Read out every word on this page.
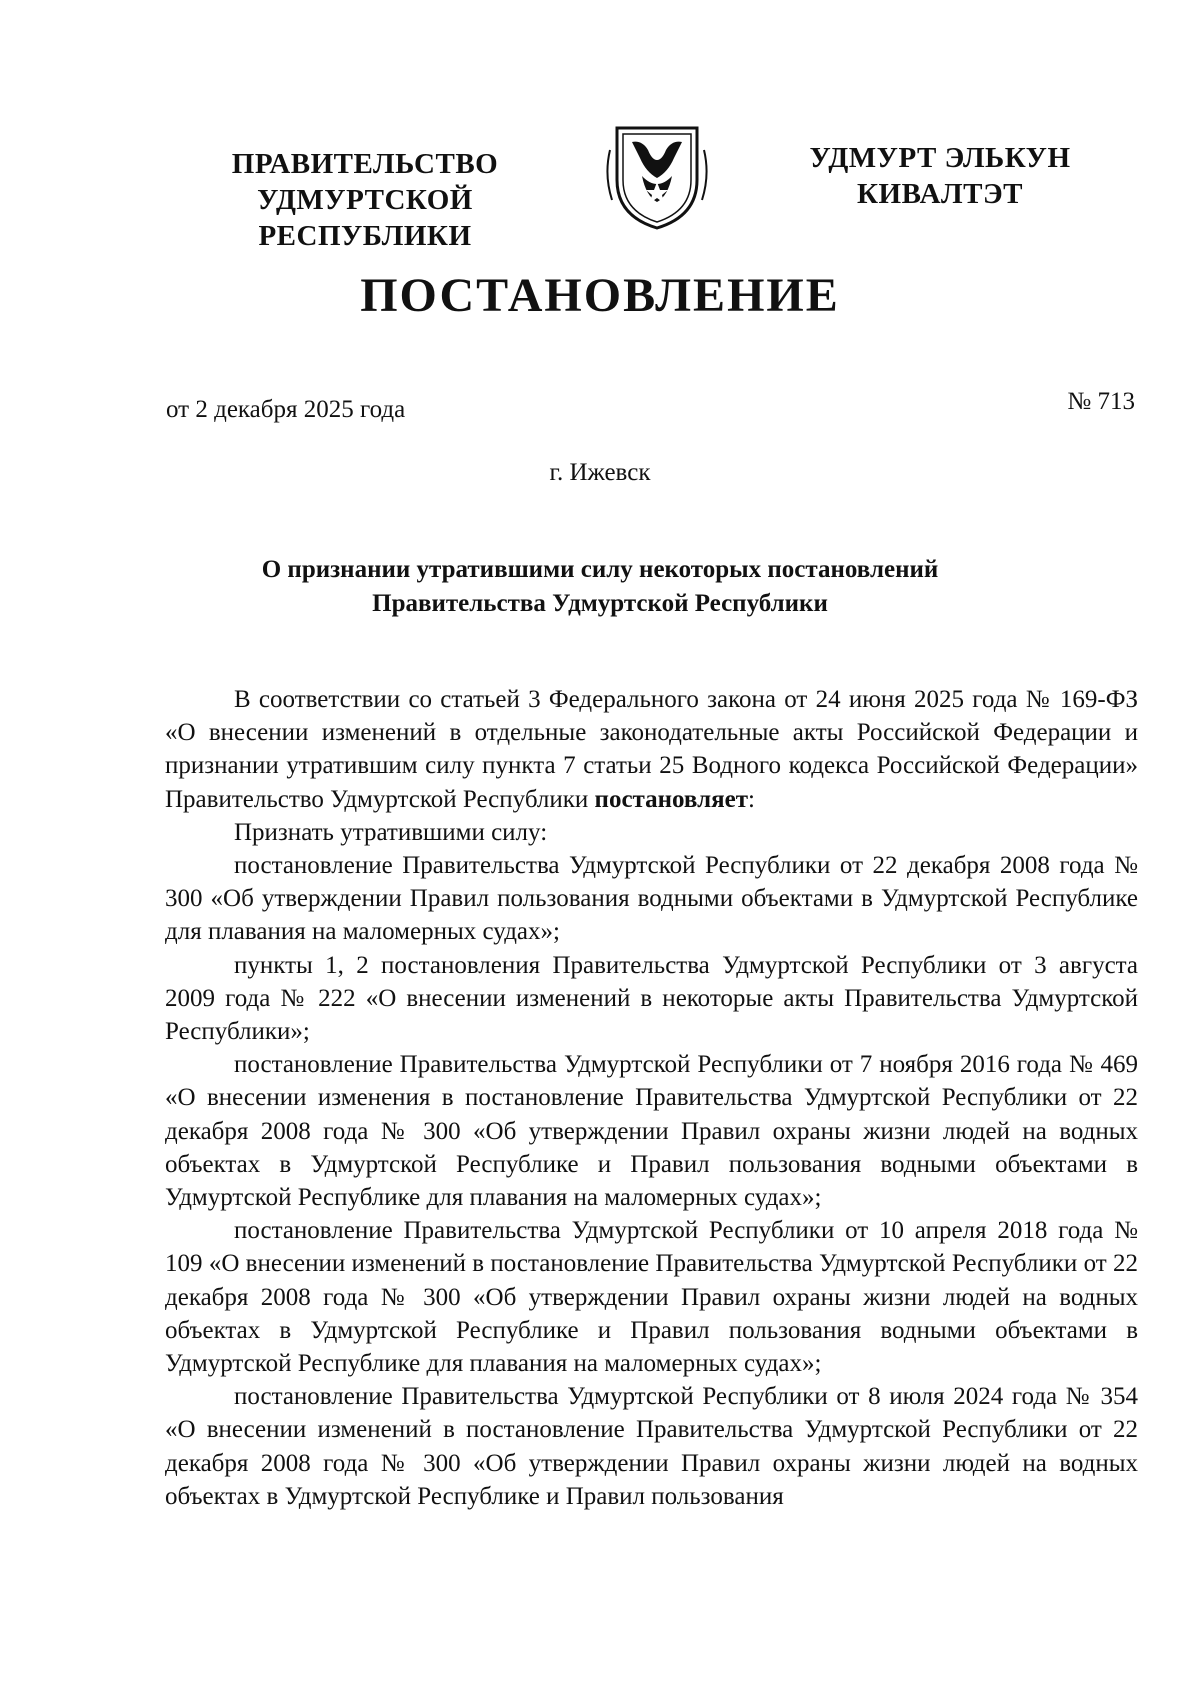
ПРАВИТЕЛЬСТВО
УДМУРТСКОЙ РЕСПУБЛИКИ
УДМУРТ ЭЛЬКУН
КИВАЛТЭТ
ПОСТАНОВЛЕНИЕ
от 2 декабря 2025 года	№ 713
г. Ижевск
О признании утратившими силу некоторых постановлений
Правительства Удмуртской Республики

В соответствии со статьей 3 Федерального закона от 24 июня 2025 года № 169-ФЗ «О внесении изменений в отдельные законодательные акты Российской Федерации и признании утратившим силу пункта 7 статьи 25 Водного кодекса Российской Федерации» Правительство Удмуртской Республики постановляет:

Признать утратившими силу:

постановление Правительства Удмуртской Республики от 22 декабря 2008 года № 300 «Об утверждении Правил пользования водными объектами в Удмуртской Республике для плавания на маломерных судах»;

пункты 1, 2 постановления Правительства Удмуртской Республики от 3 августа 2009 года № 222 «О внесении изменений в некоторые акты Правительства Удмуртской Республики»;

постановление Правительства Удмуртской Республики от 7 ноября 2016 года № 469 «О внесении изменения в постановление Правительства Удмуртской Республики от 22 декабря 2008 года № 300 «Об утверждении Правил охраны жизни людей на водных объектах в Удмуртской Республике и Правил пользования водными объектами в Удмуртской Республике для плавания на маломерных судах»;

постановление Правительства Удмуртской Республики от 10 апреля 2018 года № 109 «О внесении изменений в постановление Правительства Удмуртской Республики от 22 декабря 2008 года № 300 «Об утверждении Правил охраны жизни людей на водных объектах в Удмуртской Республике и Правил пользования водными объектами в Удмуртской Республике для плавания на маломерных судах»;

постановление Правительства Удмуртской Республики от 8 июля 2024 года № 354 «О внесении изменений в постановление Правительства Удмуртской Республики от 22 декабря 2008 года № 300 «Об утверждении Правил охраны жизни людей на водных объектах в Удмуртской Республике и Правил пользования
